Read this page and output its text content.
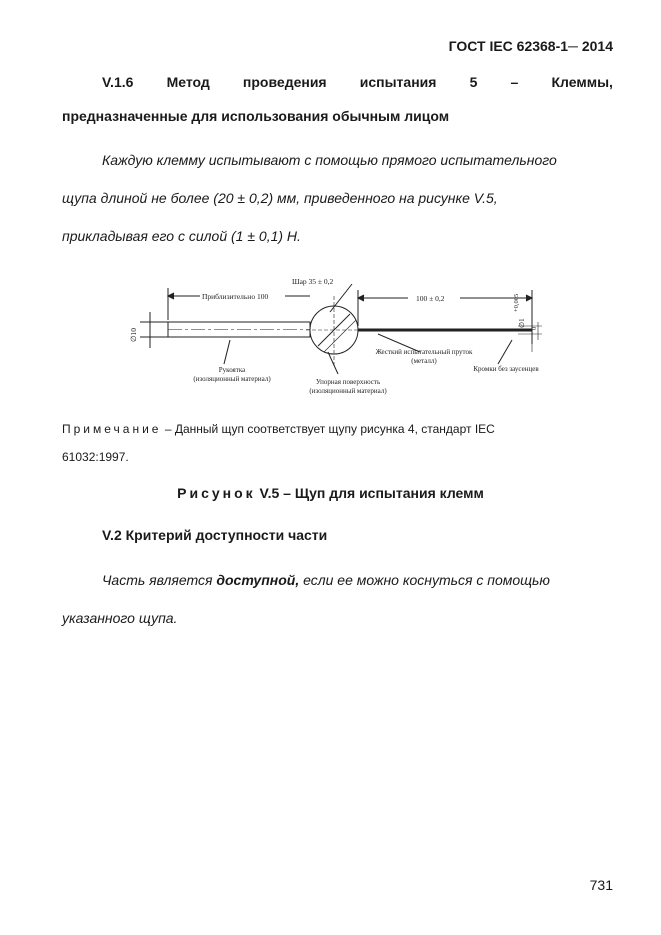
ГОСТ IEC 62368-1─ 2014
V.1.6 Метод проведения испытания 5 – Клеммы,
предназначенные для использования обычным лицом

Каждую клемму испытывают с помощью прямого испытательного

щупа длиной не более (20 ± 0,2) мм, приведенного на рисунке V.5,

прикладывая его с силой (1 ± 0,1) Н.

Шар 35 ± 0,2
Приблизительно 100	100 ± 0,2
∅10
∅1
+0,005
0
Рукоятка
(изоляционный материал)
Жесткий испытательный пруток
(металл)
Упорная поверхность
(изоляционный материал)
Кромки без заусенцев
Примечание – Данный щуп соответствует щупу рисунка 4, стандарт IEC
61032:1997.
Рисунок V.5 – Щуп для испытания клемм
V.2 Критерий доступности части

Часть является доступной, если ее можно коснуться с помощью

указанного щупа.

731
